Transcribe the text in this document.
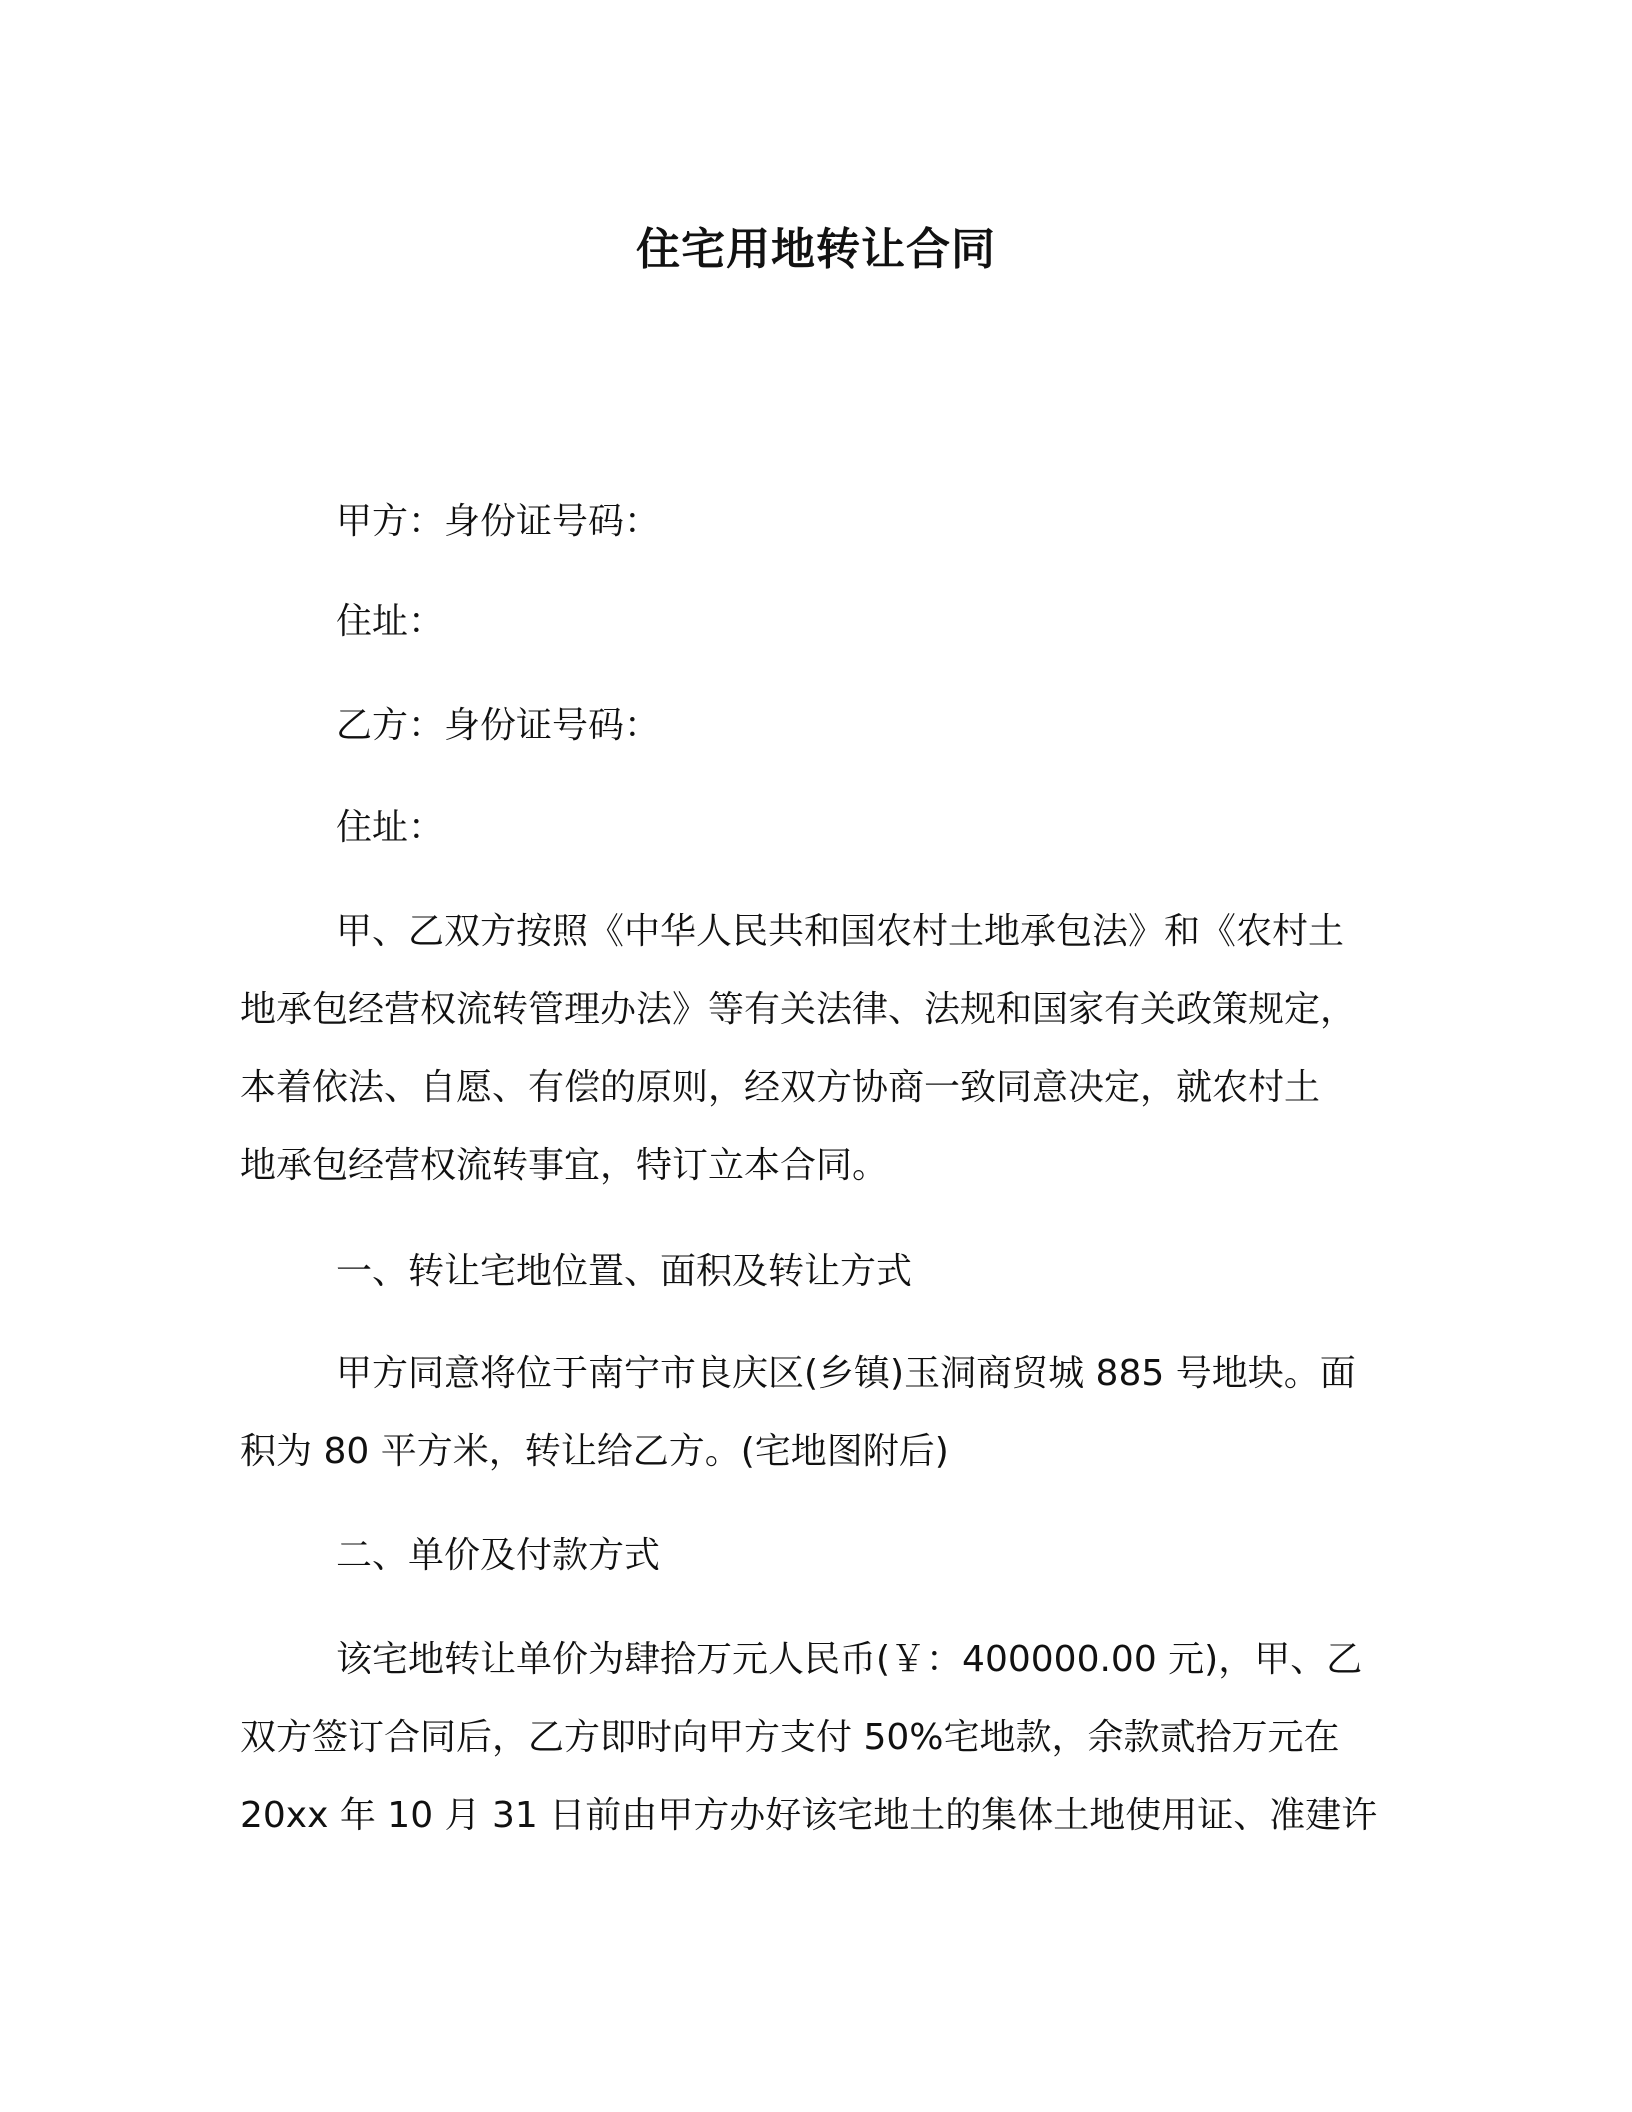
住宅用地转让合同

甲方：身份证号码：

住址：

乙方：身份证号码：

住址：

甲、乙双方按照《中华人民共和国农村土地承包法》和《农村土

地承包经营权流转管理办法》等有关法律、法规和国家有关政策规定，

本着依法、自愿、有偿的原则，经双方协商一致同意决定，就农村土

地承包经营权流转事宜，特订立本合同。

一、转让宅地位置、面积及转让方式

甲方同意将位于南宁市良庆区(乡镇)玉洞商贸城 885 号地块。面

积为 80 平方米，转让给乙方。(宅地图附后)

二、单价及付款方式

该宅地转让单价为肆拾万元人民币(￥：400000.00 元)，甲、乙

双方签订合同后，乙方即时向甲方支付 50%宅地款，余款贰拾万元在

20xx 年 10 月 31 日前由甲方办好该宅地土的集体土地使用证、准建许
